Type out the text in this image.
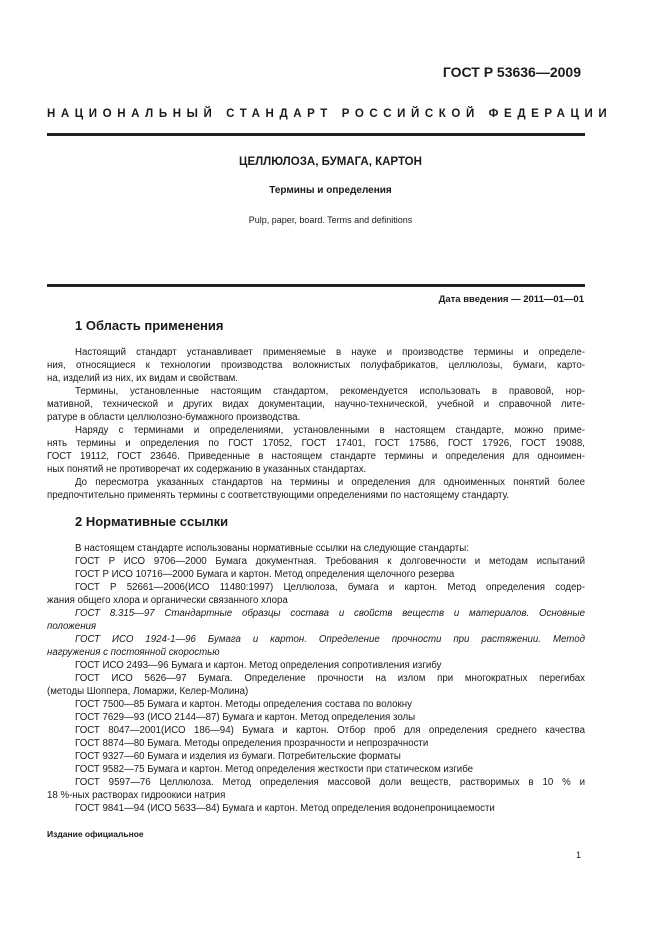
ГОСТ Р 53636—2009
НАЦИОНАЛЬНЫЙ СТАНДАРТ РОССИЙСКОЙ ФЕДЕРАЦИИ
ЦЕЛЛЮЛОЗА, БУМАГА, КАРТОН
Термины и определения
Pulp, paper, board. Terms and definitions
Дата введения — 2011—01—01
1 Область применения
Настоящий стандарт устанавливает применяемые в науке и производстве термины и определе-
ния, относящиеся к технологии производства волокнистых полуфабрикатов, целлюлозы, бумаги, карто-
на, изделий из них, их видам и свойствам.
Термины, установленные настоящим стандартом, рекомендуется использовать в правовой, нор-
мативной, технической и других видах документации, научно-технической, учебной и справочной лите-
ратуре в области целлюлозно-бумажного производства.
Наряду с терминами и определениями, установленными в настоящем стандарте, можно приме-
нять термины и определения по ГОСТ 17052, ГОСТ 17401, ГОСТ 17586, ГОСТ 17926, ГОСТ 19088,
ГОСТ 19112, ГОСТ 23646. Приведенные в настоящем стандарте термины и определения для одноимен-
ных понятий не противоречат их содержанию в указанных стандартах.
До пересмотра указанных стандартов на термины и определения для одноименных понятий более
предпочтительно применять термины с соответствующими определениями по настоящему стандарту.
2 Нормативные ссылки
В настоящем стандарте использованы нормативные ссылки на следующие стандарты:
ГОСТ Р ИСО 9706—2000 Бумага документная. Требования к долговечности и методам испытаний
ГОСТ Р ИСО 10716—2000 Бумага и картон. Метод определения щелочного резерва
ГОСТ Р 52661—2006(ИСО 11480:1997) Целлюлоза, бумага и картон. Метод определения содер-
жания общего хлора и органически связанного хлора
ГОСТ 8.315—97 Стандартные образцы состава и свойств веществ и материалов. Основные
положения
ГОСТ ИСО 1924-1—96 Бумага и картон. Определение прочности при растяжении. Метод
нагружения с постоянной скоростью
ГОСТ ИСО 2493—96 Бумага и картон. Метод определения сопротивления изгибу
ГОСТ ИСО 5626—97 Бумага. Определение прочности на излом при многократных перегибах
(методы Шоппера, Ломаржи, Келер-Молина)
ГОСТ 7500—85 Бумага и картон. Методы определения состава по волокну
ГОСТ 7629—93 (ИСО 2144—87) Бумага и картон. Метод определения золы
ГОСТ 8047—2001(ИСО 186—94) Бумага и картон. Отбор проб для определения среднего качества
ГОСТ 8874—80 Бумага. Методы определения прозрачности и непрозрачности
ГОСТ 9327—60 Бумага и изделия из бумаги. Потребительские форматы
ГОСТ 9582—75 Бумага и картон. Метод определения жесткости при статическом изгибе
ГОСТ 9597—76 Целлюлоза. Метод определения массовой доли веществ, растворимых в 10 % и
18 %-ных растворах гидроокиси натрия
ГОСТ 9841—94 (ИСО 5633—84) Бумага и картон. Метод определения водонепроницаемости
Издание официальное
1
